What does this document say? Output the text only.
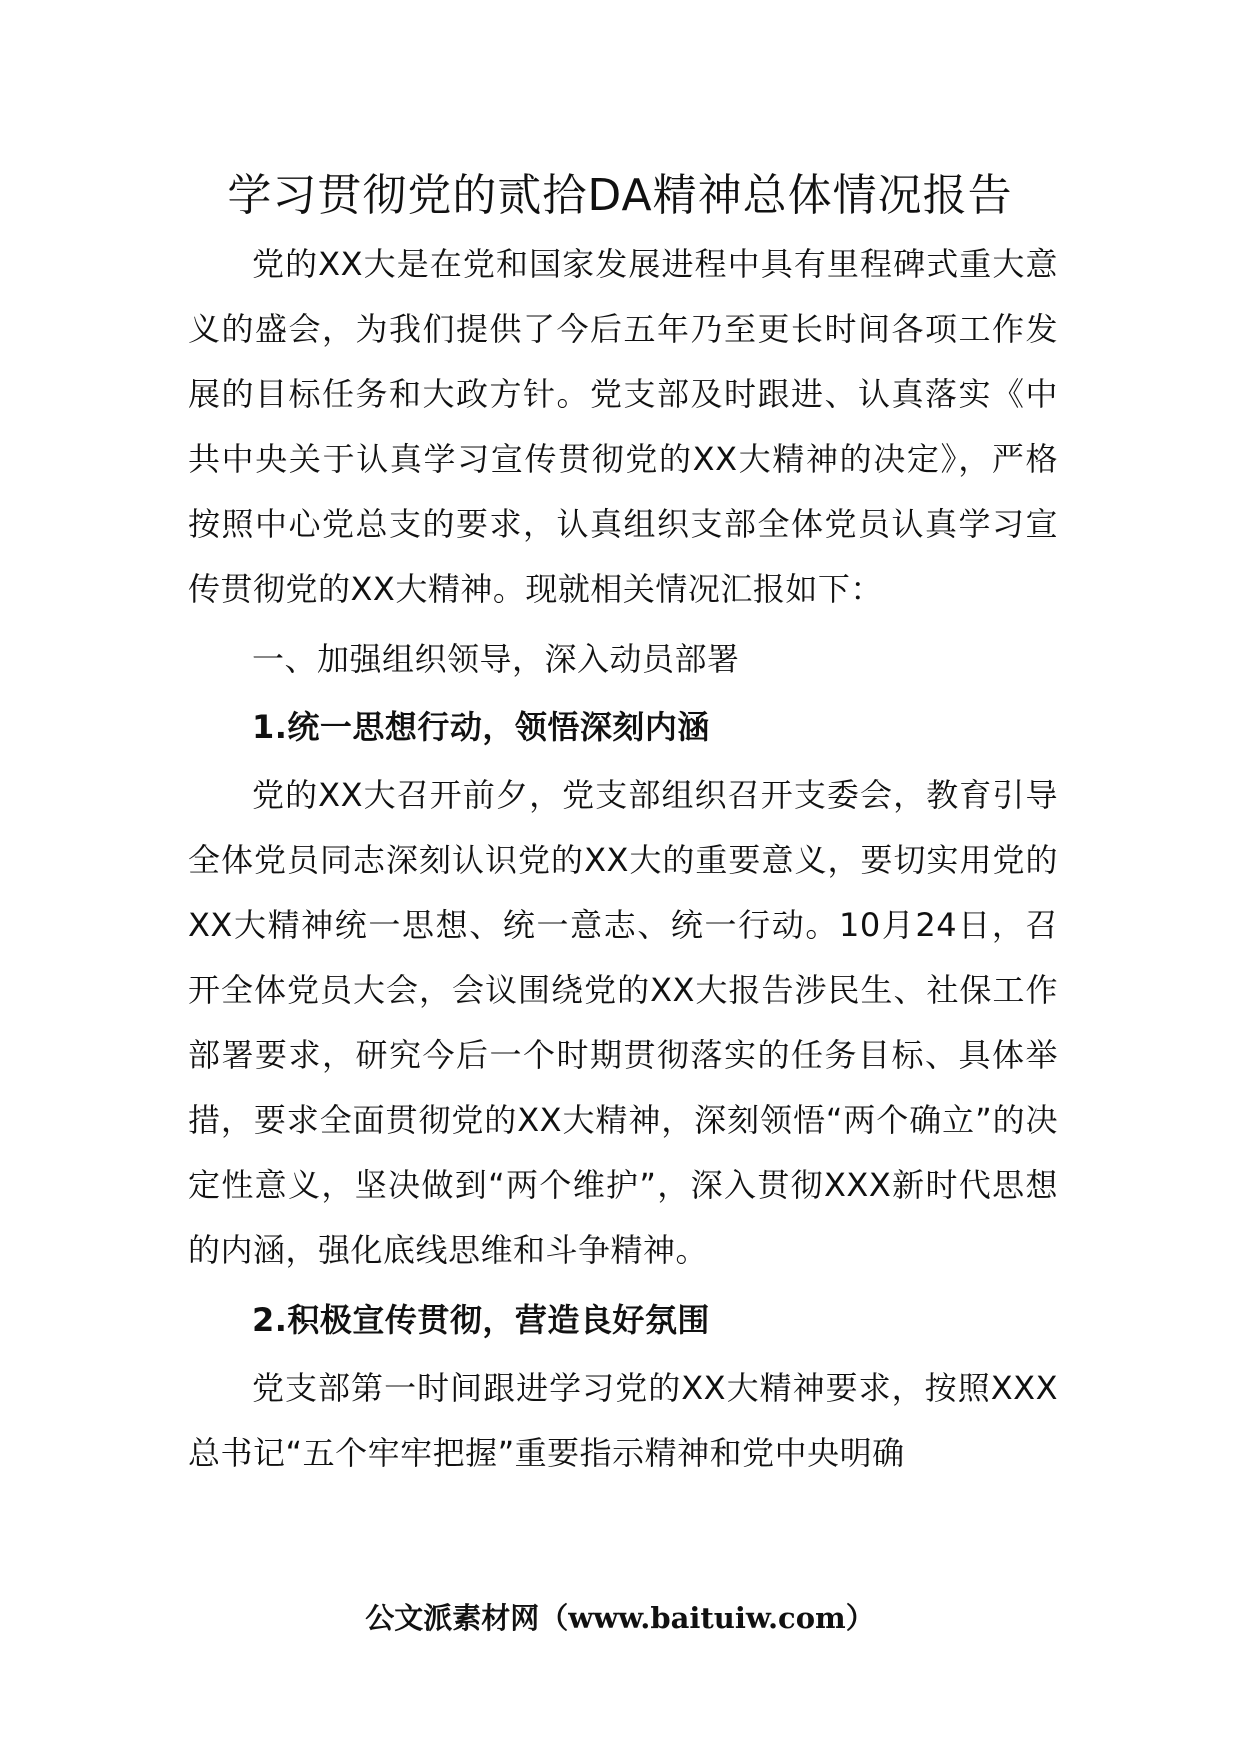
学习贯彻党的贰拾DA精神总体情况报告

党的XX大是在党和国家发展进程中具有里程碑式重大意义的盛会，为我们提供了今后五年乃至更长时间各项工作发展的目标任务和大政方针。党支部及时跟进、认真落实《中共中央关于认真学习宣传贯彻党的XX大精神的决定》，严格按照中心党总支的要求，认真组织支部全体党员认真学习宣传贯彻党的XX大精神。现就相关情况汇报如下：

一、加强组织领导，深入动员部署

1.统一思想行动，领悟深刻内涵

党的XX大召开前夕，党支部组织召开支委会，教育引导全体党员同志深刻认识党的XX大的重要意义，要切实用党的XX大精神统一思想、统一意志、统一行动。10月24日，召开全体党员大会，会议围绕党的XX大报告涉民生、社保工作部署要求，研究今后一个时期贯彻落实的任务目标、具体举措，要求全面贯彻党的XX大精神，深刻领悟“两个确立”的决定性意义，坚决做到“两个维护”，深入贯彻XXX新时代思想的内涵，强化底线思维和斗争精神。

2.积极宣传贯彻，营造良好氛围

党支部第一时间跟进学习党的XX大精神要求，按照XXX总书记“五个牢牢把握”重要指示精神和党中央明确

公文派素材网（www.baituiw.com）
